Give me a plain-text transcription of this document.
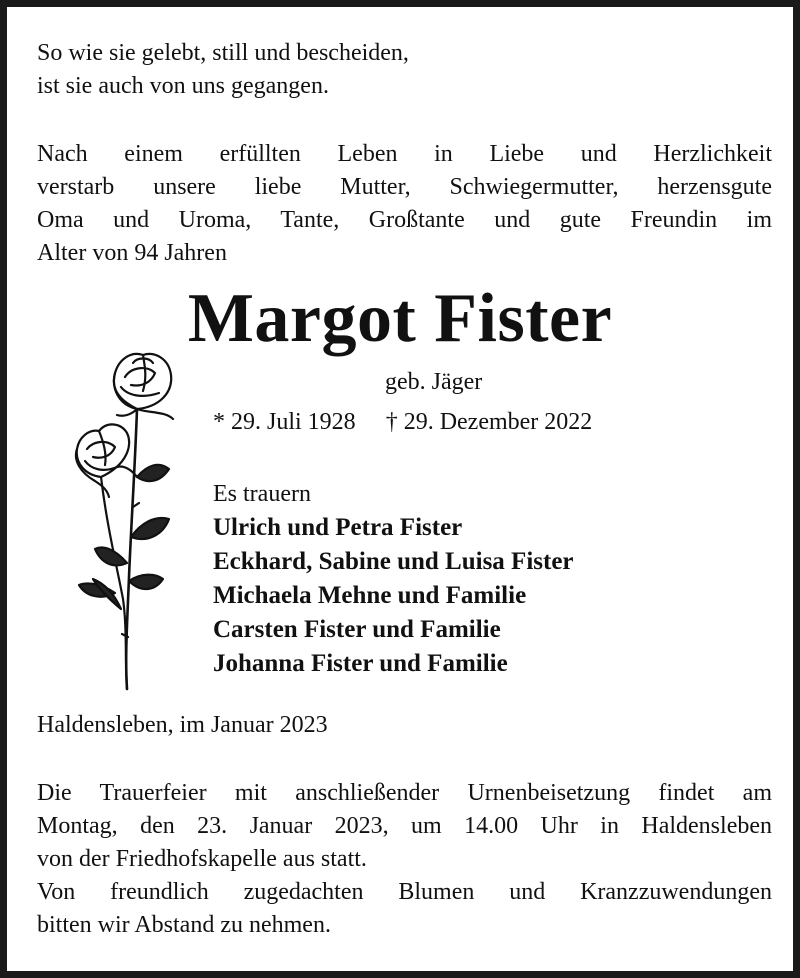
So wie sie gelebt, still und bescheiden,
ist sie auch von uns gegangen.
Nach einem erfüllten Leben in Liebe und Herzlichkeit
verstarb unsere liebe Mutter, Schwiegermutter, herzensgute
Oma und Uroma, Tante, Großtante und gute Freundin im
Alter von 94 Jahren
Margot Fister
geb. Jäger
* 29. Juli 1928 † 29. Dezember 2022
Es trauern
Ulrich und Petra Fister
Eckhard, Sabine und Luisa Fister
Michaela Mehne und Familie
Carsten Fister und Familie
Johanna Fister und Familie
Haldensleben, im Januar 2023
Die Trauerfeier mit anschließender Urnenbeisetzung findet am
Montag, den 23. Januar 2023, um 14.00 Uhr in Haldensleben
von der Friedhofskapelle aus statt.
Von freundlich zugedachten Blumen und Kranzzuwendungen
bitten wir Abstand zu nehmen.
